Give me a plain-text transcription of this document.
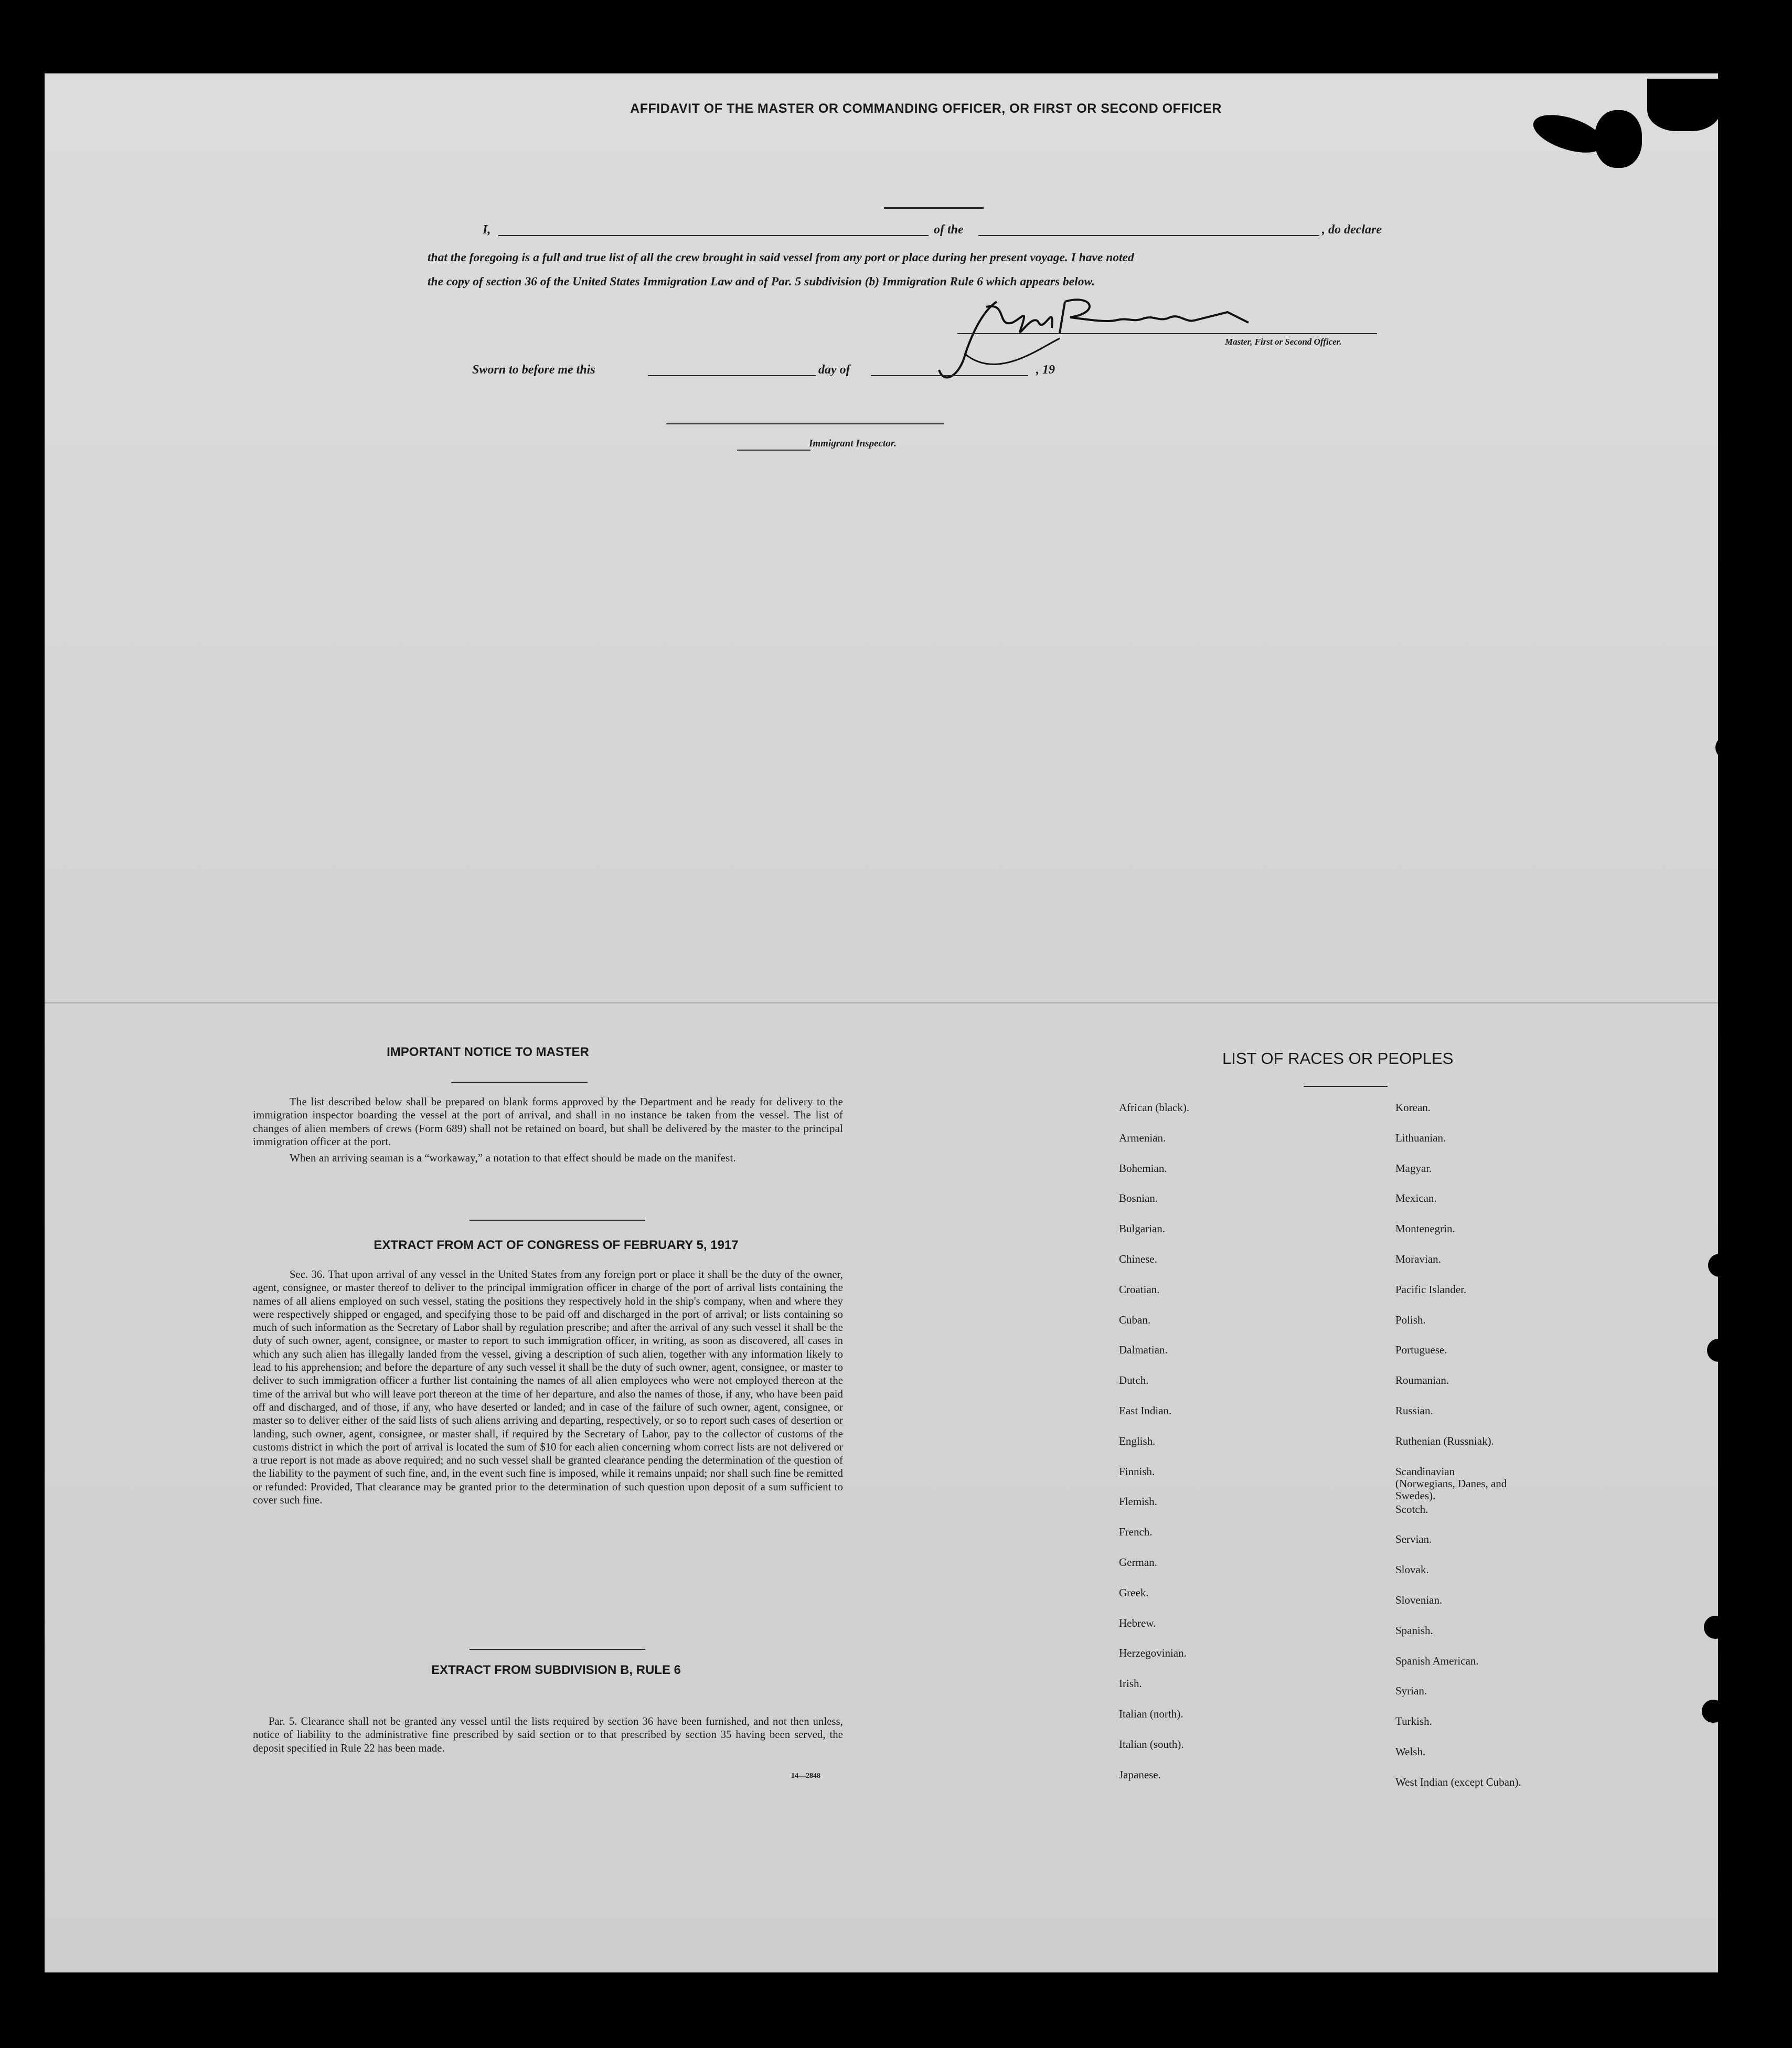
AFFIDAVIT OF THE MASTER OR COMMANDING OFFICER, OR FIRST OR SECOND OFFICER
I,	of the	, do declare
that the foregoing is a full and true list of all the crew brought in said vessel from any port or place during her present voyage. I have noted
the copy of section 36 of the United States Immigration Law and of Par. 5 subdivision (b) Immigration Rule 6 which appears below.
Master, First or Second Officer.
Sworn to before me this	day of	, 19
Immigrant Inspector.
IMPORTANT NOTICE TO MASTER

The list described below shall be prepared on blank forms approved by the Department and be ready for delivery to the immigration inspector boarding the vessel at the port of arrival, and shall in no instance be taken from the vessel. The list of changes of alien members of crews (Form 689) shall not be retained on board, but shall be delivered by the master to the principal immigration officer at the port.

When an arriving seaman is a “workaway,” a notation to that effect should be made on the manifest.

EXTRACT FROM ACT OF CONGRESS OF FEBRUARY 5, 1917

Sec. 36. That upon arrival of any vessel in the United States from any foreign port or place it shall be the duty of the owner, agent, consignee, or master thereof to deliver to the principal immigration officer in charge of the port of arrival lists containing the names of all aliens employed on such vessel, stating the positions they respectively hold in the ship's company, when and where they were respectively shipped or engaged, and specifying those to be paid off and discharged in the port of arrival; or lists containing so much of such information as the Secretary of Labor shall by regulation prescribe; and after the arrival of any such vessel it shall be the duty of such owner, agent, consignee, or master to report to such immigration officer, in writing, as soon as discovered, all cases in which any such alien has illegally landed from the vessel, giving a description of such alien, together with any information likely to lead to his apprehension; and before the departure of any such vessel it shall be the duty of such owner, agent, consignee, or master to deliver to such immigration officer a further list containing the names of all alien employees who were not employed thereon at the time of the arrival but who will leave port thereon at the time of her departure, and also the names of those, if any, who have been paid off and discharged, and of those, if any, who have deserted or landed; and in case of the failure of such owner, agent, consignee, or master so to deliver either of the said lists of such aliens arriving and departing, respectively, or so to report such cases of desertion or landing, such owner, agent, consignee, or master shall, if required by the Secretary of Labor, pay to the collector of customs of the customs district in which the port of arrival is located the sum of $10 for each alien concerning whom correct lists are not delivered or a true report is not made as above required; and no such vessel shall be granted clearance pending the determination of the question of the liability to the payment of such fine, and, in the event such fine is imposed, while it remains unpaid; nor shall such fine be remitted or refunded: Provided, That clearance may be granted prior to the determination of such question upon deposit of a sum sufficient to cover such fine.

EXTRACT FROM SUBDIVISION B, RULE 6

Par. 5. Clearance shall not be granted any vessel until the lists required by section 36 have been furnished, and not then unless, notice of liability to the administrative fine prescribed by said section or to that prescribed by section 35 having been served, the deposit specified in Rule 22 has been made.

14—2848
LIST OF RACES OR PEOPLES
African (black).
Armenian.
Bohemian.
Bosnian.
Bulgarian.
Chinese.
Croatian.
Cuban.
Dalmatian.
Dutch.
East Indian.
English.
Finnish.
Flemish.
French.
German.
Greek.
Hebrew.
Herzegovinian.
Irish.
Italian (north).
Italian (south).
Japanese.
Korean.
Lithuanian.
Magyar.
Mexican.
Montenegrin.
Moravian.
Pacific Islander.
Polish.
Portuguese.
Roumanian.
Russian.
Ruthenian (Russniak).
Scandinavian (Norwegians, Danes, and Swedes).
Scotch.
Servian.
Slovak.
Slovenian.
Spanish.
Spanish American.
Syrian.
Turkish.
Welsh.
West Indian (except Cuban).
